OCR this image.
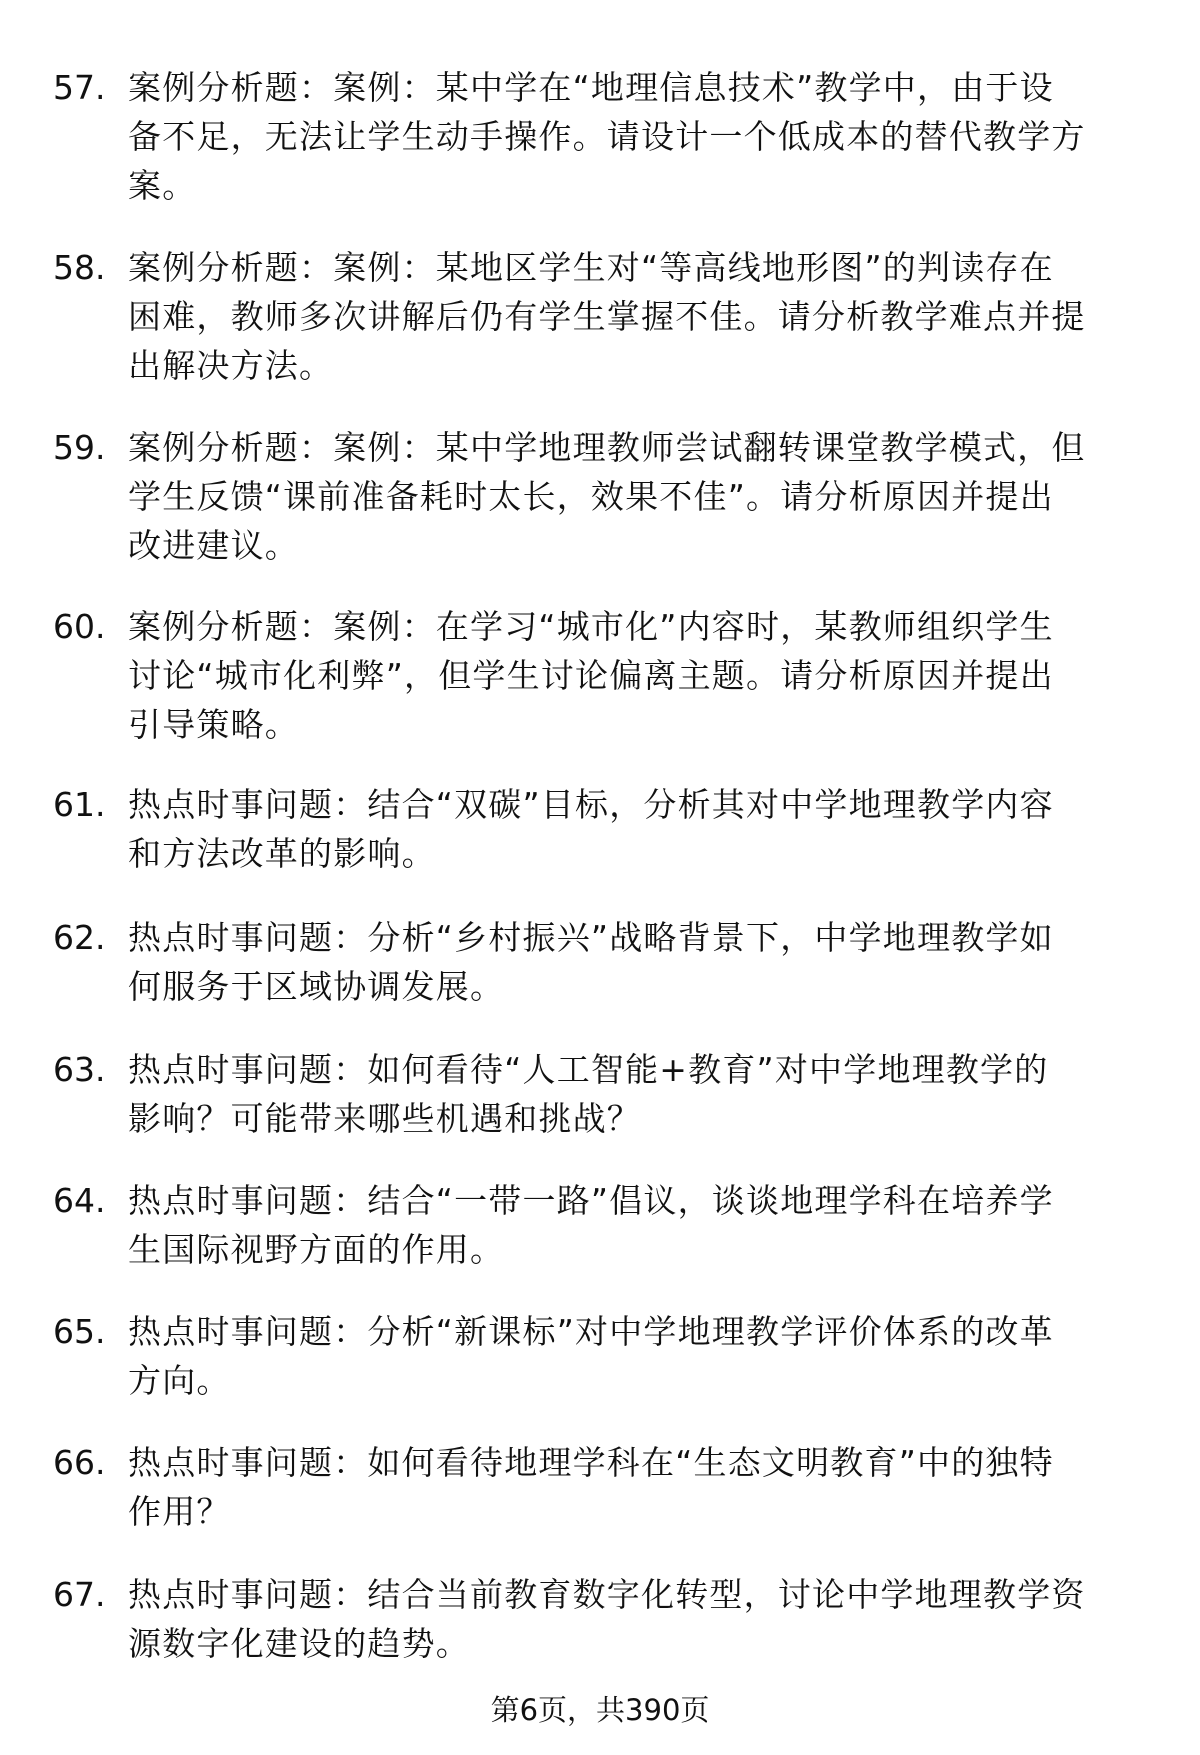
57. 案例分析题：案例：某中学在“地理信息技术”教学中，由于设
备不足，无法让学生动手操作。请设计一个低成本的替代教学方
案。
58. 案例分析题：案例：某地区学生对“等高线地形图”的判读存在
困难，教师多次讲解后仍有学生掌握不佳。请分析教学难点并提
出解决方法。
59. 案例分析题：案例：某中学地理教师尝试翻转课堂教学模式，但
学生反馈“课前准备耗时太长，效果不佳”。请分析原因并提出
改进建议。
60. 案例分析题：案例：在学习“城市化”内容时，某教师组织学生
讨论“城市化利弊”，但学生讨论偏离主题。请分析原因并提出
引导策略。
61. 热点时事问题：结合“双碳”目标，分析其对中学地理教学内容
和方法改革的影响。
62. 热点时事问题：分析“乡村振兴”战略背景下，中学地理教学如
何服务于区域协调发展。
63. 热点时事问题：如何看待“人工智能+教育”对中学地理教学的
影响？可能带来哪些机遇和挑战？
64. 热点时事问题：结合“一带一路”倡议，谈谈地理学科在培养学
生国际视野方面的作用。
65. 热点时事问题：分析“新课标”对中学地理教学评价体系的改革
方向。
66. 热点时事问题：如何看待地理学科在“生态文明教育”中的独特
作用？
67. 热点时事问题：结合当前教育数字化转型，讨论中学地理教学资
源数字化建设的趋势。
第6页，共390页
